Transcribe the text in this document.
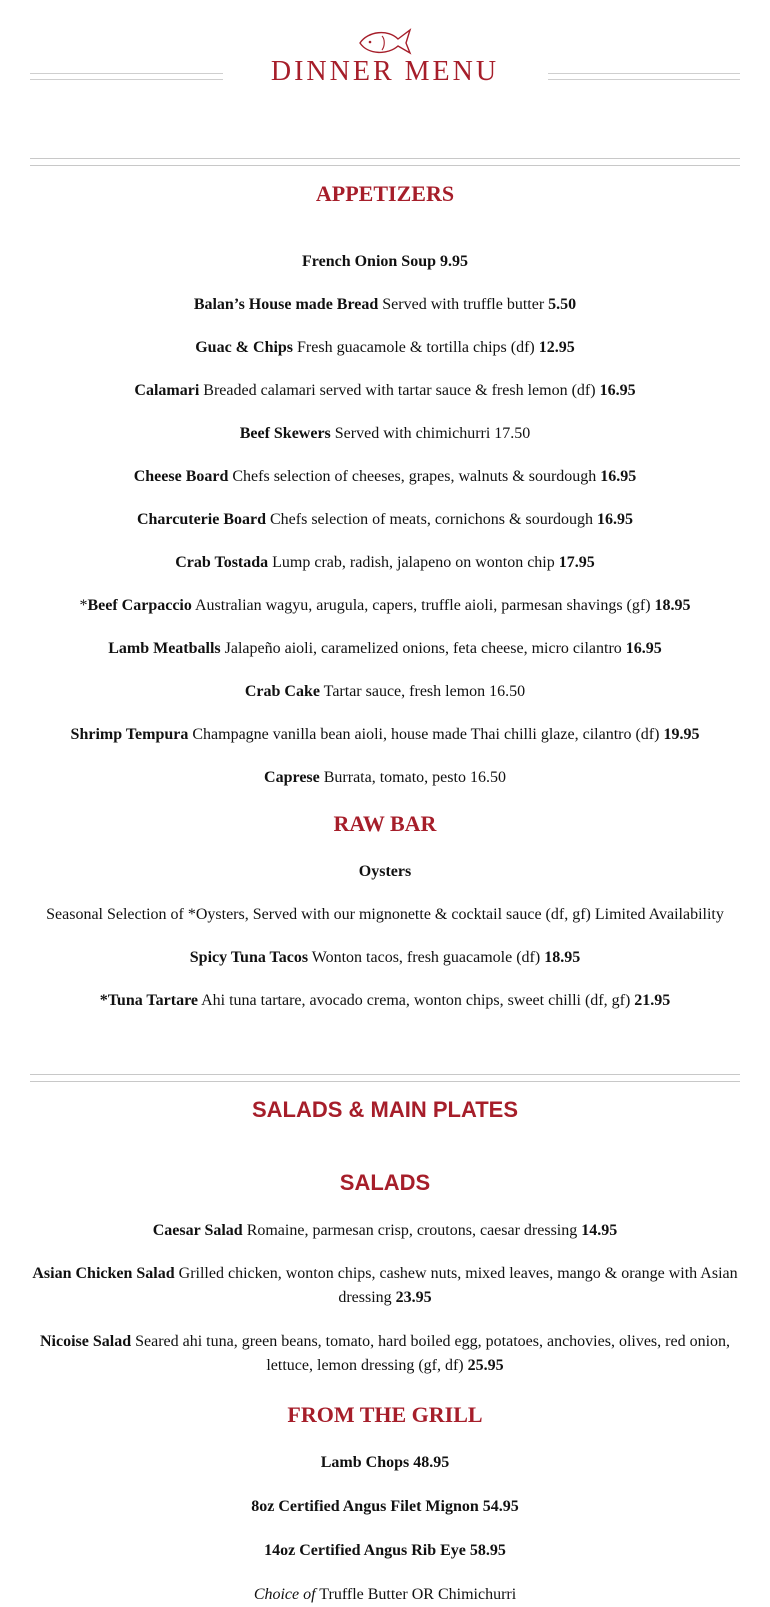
DINNER MENU
APPETIZERS
French Onion Soup 9.95
Balan’s House made Bread Served with truffle butter 5.50
Guac & Chips Fresh guacamole & tortilla chips (df) 12.95
Calamari Breaded calamari served with tartar sauce & fresh lemon (df) 16.95
Beef Skewers Served with chimichurri 17.50
Cheese Board Chefs selection of cheeses, grapes, walnuts & sourdough 16.95
Charcuterie Board Chefs selection of meats, cornichons & sourdough 16.95
Crab Tostada Lump crab, radish, jalapeno on wonton chip 17.95
*Beef Carpaccio Australian wagyu, arugula, capers, truffle aioli, parmesan shavings (gf) 18.95
Lamb Meatballs Jalapeño aioli, caramelized onions, feta cheese, micro cilantro 16.95
Crab Cake Tartar sauce, fresh lemon 16.50
Shrimp Tempura Champagne vanilla bean aioli, house made Thai chilli glaze, cilantro (df) 19.95
Caprese Burrata, tomato, pesto 16.50
RAW BAR
Oysters
Seasonal Selection of *Oysters, Served with our mignonette & cocktail sauce (df, gf) Limited Availability
Spicy Tuna Tacos Wonton tacos, fresh guacamole (df) 18.95
*Tuna Tartare Ahi tuna tartare, avocado crema, wonton chips, sweet chilli (df, gf) 21.95
SALADS & MAIN PLATES
SALADS
Caesar Salad Romaine, parmesan crisp, croutons, caesar dressing 14.95
Asian Chicken Salad Grilled chicken, wonton chips, cashew nuts, mixed leaves, mango & orange with Asian dressing 23.95
Nicoise Salad Seared ahi tuna, green beans, tomato, hard boiled egg, potatoes, anchovies, olives, red onion, lettuce, lemon dressing (gf, df) 25.95
FROM THE GRILL
Lamb Chops 48.95
8oz Certified Angus Filet Mignon 54.95
14oz Certified Angus Rib Eye 58.95
Choice of Truffle Butter OR Chimichurri
